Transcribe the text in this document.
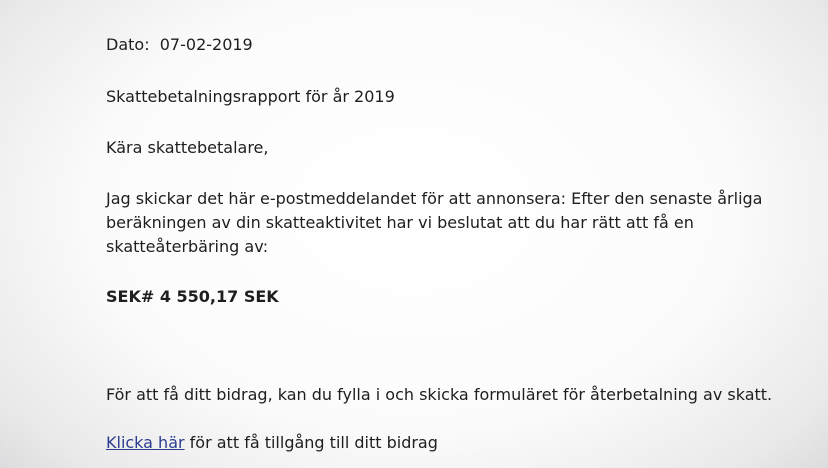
Dato: 07-02-2019
Skattebetalningsrapport för år 2019
Kära skattebetalare,
Jag skickar det här e-postmeddelandet för att annonsera: Efter den senaste årliga
beräkningen av din skatteaktivitet har vi beslutat att du har rätt att få en
skatteåterbäring av:
SEK# 4 550,17 SEK
För att få ditt bidrag, kan du fylla i och skicka formuläret för återbetalning av skatt.
Klicka här för att få tillgång till ditt bidrag
